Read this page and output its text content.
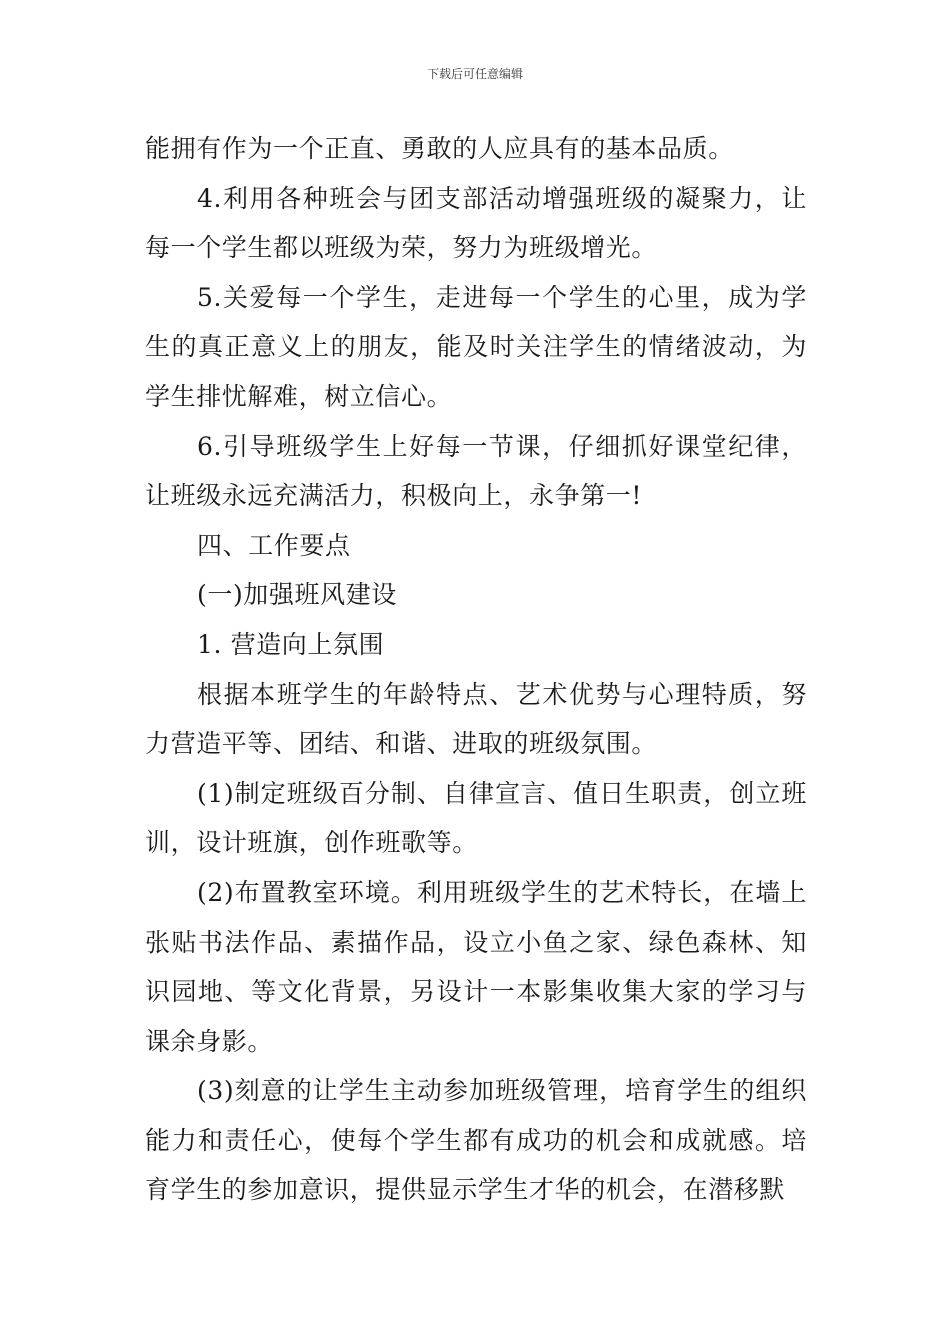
下载后可任意编辑

能拥有作为一个正直、勇敢的人应具有的基本品质。

4.利用各种班会与团支部活动增强班级的凝聚力，让每一个学生都以班级为荣，努力为班级增光。

5.关爱每一个学生，走进每一个学生的心里，成为学生的真正意义上的朋友，能及时关注学生的情绪波动，为学生排忧解难，树立信心。

6.引导班级学生上好每一节课，仔细抓好课堂纪律，让班级永远充满活力，积极向上，永争第一!

四、工作要点

(一)加强班风建设

1. 营造向上氛围

根据本班学生的年龄特点、艺术优势与心理特质，努力营造平等、团结、和谐、进取的班级氛围。

(1)制定班级百分制、自律宣言、值日生职责，创立班训，设计班旗，创作班歌等。

(2)布置教室环境。利用班级学生的艺术特长，在墙上张贴书法作品、素描作品，设立小鱼之家、绿色森林、知识园地、等文化背景，另设计一本影集收集大家的学习与课余身影。

(3)刻意的让学生主动参加班级管理，培育学生的组织能力和责任心，使每个学生都有成功的机会和成就感。培育学生的参加意识，提供显示学生才华的机会，在潜移默
